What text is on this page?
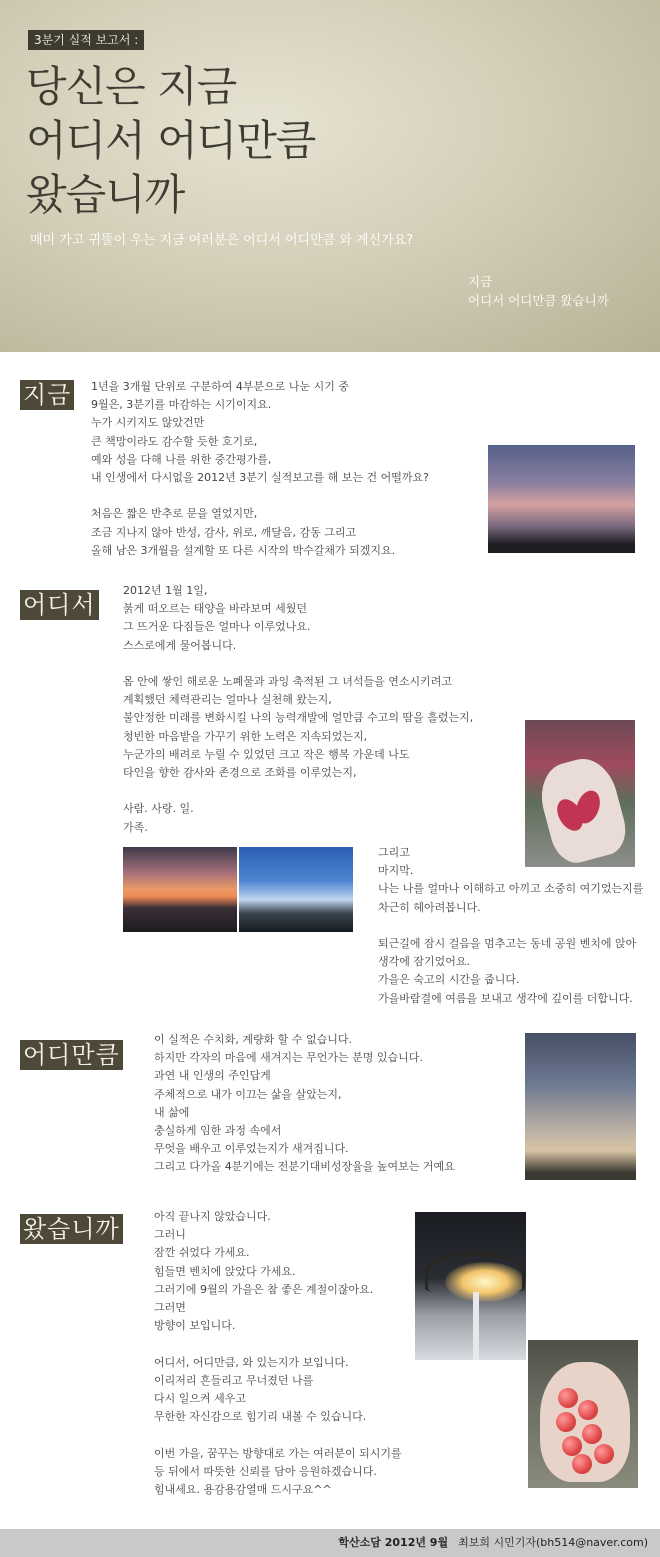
3분기 실적 보고서 :
당신은 지금
어디서 어디만큼
왔습니까
매미 가고 귀뚤이 우는 지금 여러분은 어디서 어디만큼 와 계신가요?
지금
어디서 어디만큼 왔습니까
지금 1년을 3개월 단위로 구분하여 4부분으로 나눈 시기 중
9월은, 3분기를 마감하는 시기이지요.
누가 시키지도 않았건만
큰 책망이라도 감수할 듯한 호기로,
예와 성을 다해 나를 위한 중간평가를,
내 인생에서 다시없을 2012년 3분기 실적보고를 해 보는 건 어떨까요?
처음은 짧은 반추로 문을 열었지만,
조금 지나지 않아 반성, 감사, 위로, 깨달음, 감동 그리고
올해 남은 3개월을 설계할 또 다른 시작의 박수갈채가 되겠지요.
어디서
2012년 1월 1일,
붉게 떠오르는 태양을 바라보며 세웠던
그 뜨거운 다짐들은 얼마나 이루었나요.
스스로에게 물어봅니다.
몸 안에 쌓인 해로운 노폐물과 과잉 축적된 그 녀석들을 연소시키려고
계획했던 체력관리는 얼마나 실천해 왔는지,
불안정한 미래를 변화시킬 나의 능력개발에 얼만큼 수고의 땀을 흘렸는지,
청빈한 마음밭을 가꾸기 위한 노력은 지속되었는지,
누군가의 배려로 누릴 수 있었던 크고 작은 행복 가운데 나도
타인을 향한 감사와 존경으로 조화를 이루었는지,
사람. 사랑. 일.
가족.
그리고
마지막.
나는 나를 얼마나 이해하고 아끼고 소중히 여기었는지를
차근히 헤아려봅니다.
퇴근길에 잠시 걸음을 멈추고는 동네 공원 벤치에 앉아
생각에 잠기었어요.
가을은 숙고의 시간을 줍니다.
가을바람결에 여름을 보내고 생각에 깊이를 더합니다.
어디만큼
이 실적은 수치화, 계량화 할 수 없습니다.
하지만 각자의 마음에 새겨지는 무언가는 분명 있습니다.
과연 내 인생의 주인답게
주체적으로 내가 이끄는 삶을 살았는지,
내 삶에
충실하게 임한 과정 속에서
무엇을 배우고 이루었는지가 새겨집니다.
그리고 다가올 4분기에는 전분기대비성장율을 높여보는 거예요
왔습니까	아직 끝나지 않았습니다.
그러니
잠깐 쉬었다 가세요.
힘들면 벤치에 앉았다 가세요.
그러기에 9월의 가을은 참 좋은 계절이잖아요.
그러면
방향이 보입니다.
어디서, 어디만큼, 와 있는지가 보입니다.
이리저리 흔들리고 무너졌던 나를
다시 일으켜 세우고
무한한 자신감으로 힘기리 내볼 수 있습니다.
이번 가을, 꿈꾸는 방향대로 가는 여러분이 되시기를
등 뒤에서 따뜻한 신뢰를 담아 응원하겠습니다.
힘내세요. 용감용감열매 드시구요^^
학산소담 2012년 9월 최보희 시민기자(bh514@naver.com)
